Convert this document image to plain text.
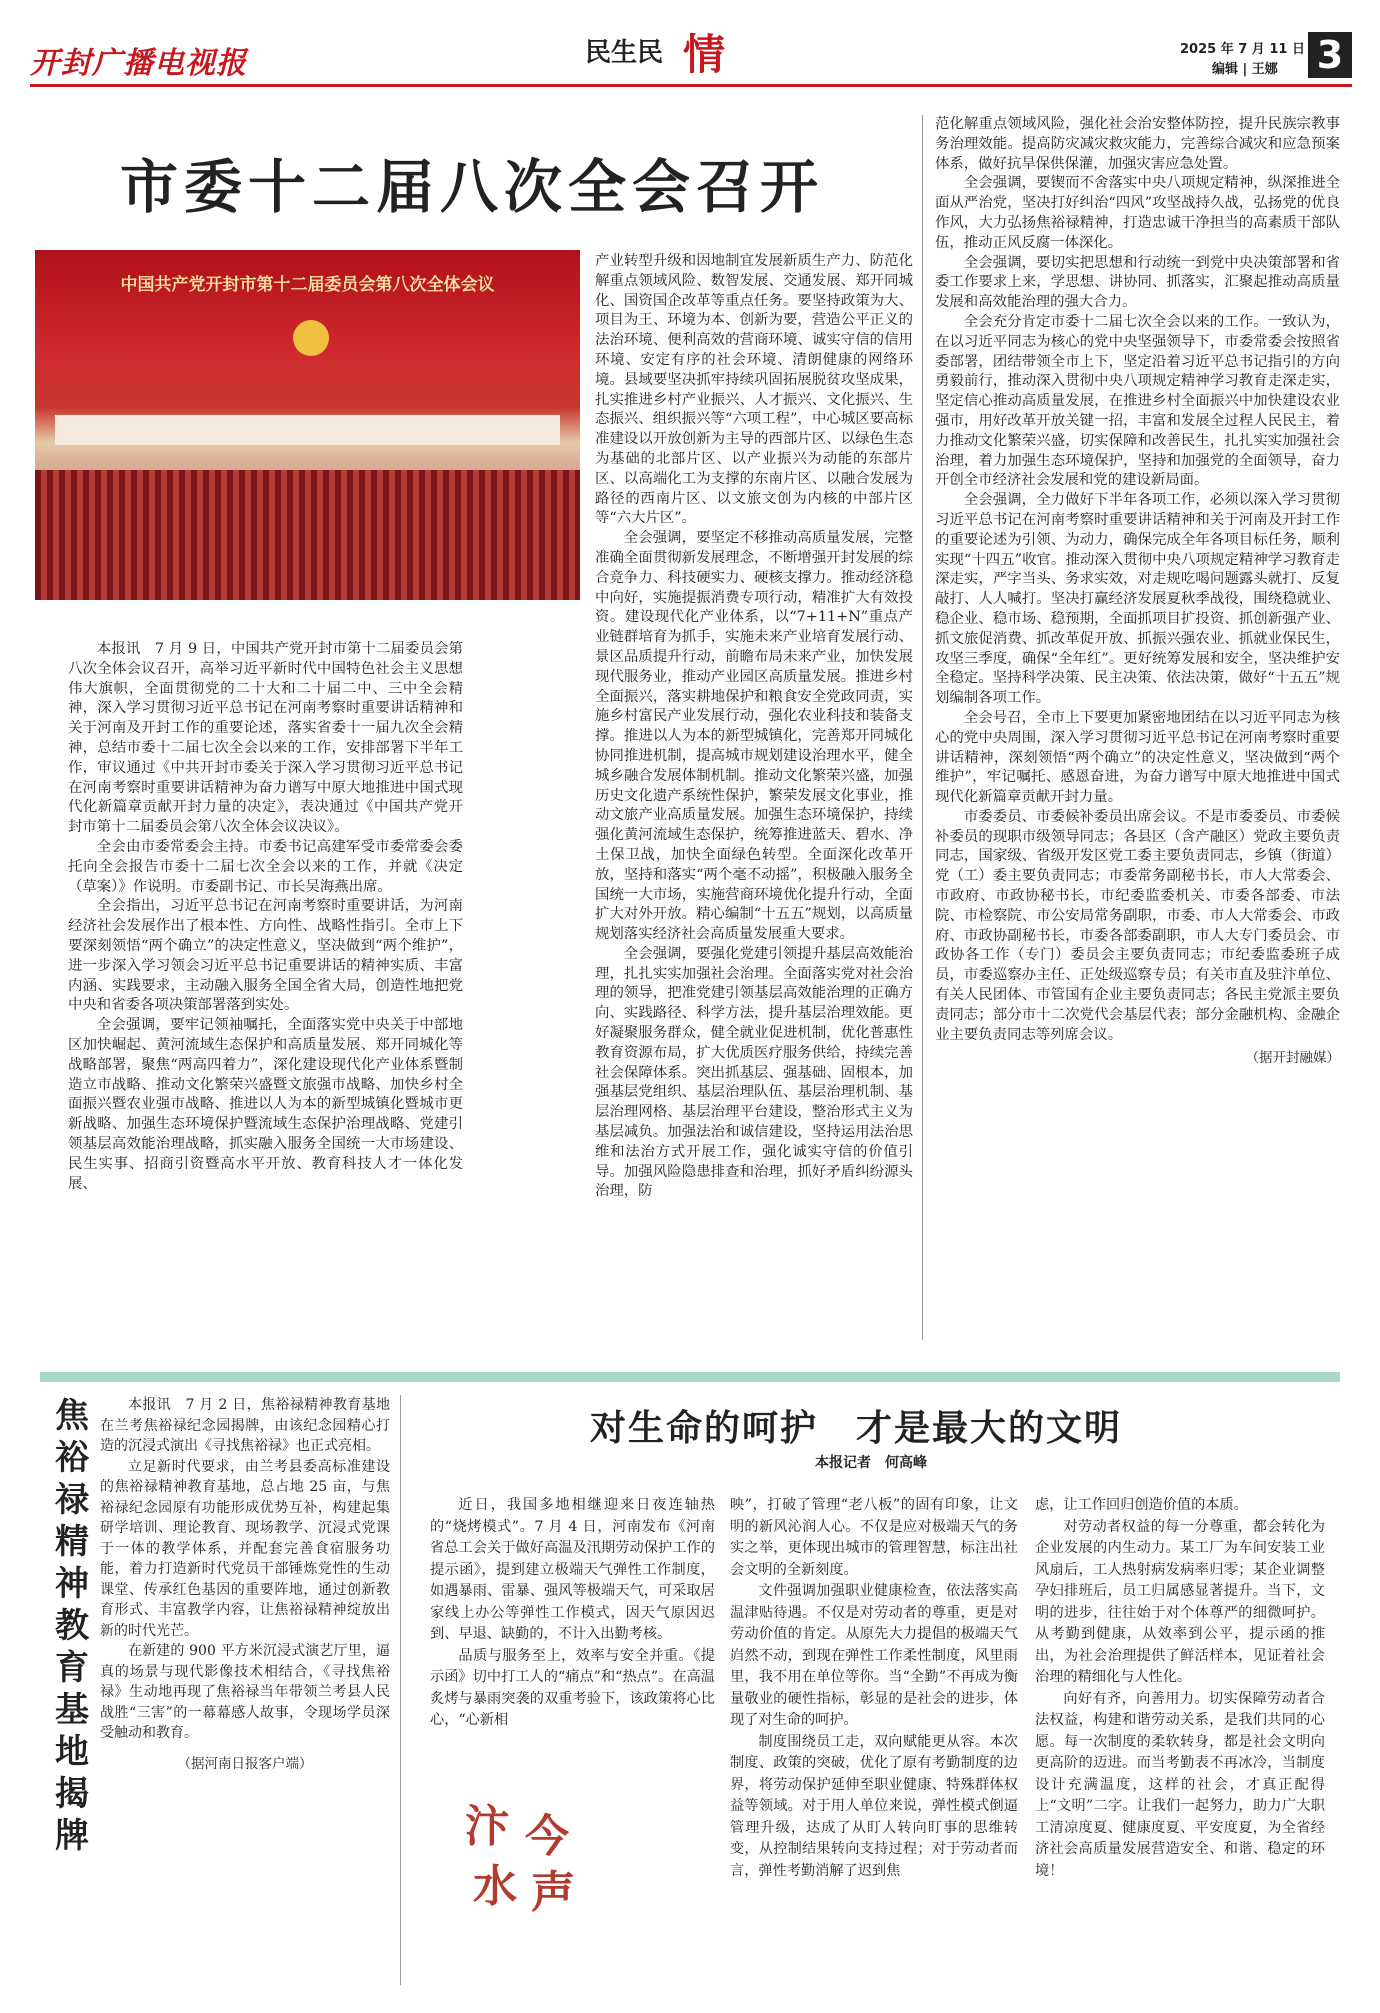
开封广播电视报	民生民 情	2025 年 7 月 11 日
编辑 | 王娜 3
市委十二届八次全会召开
中国共产党开封市第十二届委员会第八次全体会议

本报讯　7 月 9 日，中国共产党开封市第十二届委员会第八次全体会议召开，高举习近平新时代中国特色社会主义思想伟大旗帜，全面贯彻党的二十大和二十届二中、三中全会精神，深入学习贯彻习近平总书记在河南考察时重要讲话精神和关于河南及开封工作的重要论述，落实省委十一届九次全会精神，总结市委十二届七次全会以来的工作，安排部署下半年工作，审议通过《中共开封市委关于深入学习贯彻习近平总书记在河南考察时重要讲话精神为奋力谱写中原大地推进中国式现代化新篇章贡献开封力量的决定》，表决通过《中国共产党开封市第十二届委员会第八次全体会议决议》。

全会由市委常委会主持。市委书记高建军受市委常委会委托向全会报告市委十二届七次全会以来的工作，并就《决定（草案）》作说明。市委副书记、市长吴海燕出席。

全会指出，习近平总书记在河南考察时重要讲话，为河南经济社会发展作出了根本性、方向性、战略性指引。全市上下要深刻领悟“两个确立”的决定性意义，坚决做到“两个维护”，进一步深入学习领会习近平总书记重要讲话的精神实质、丰富内涵、实践要求，主动融入服务全国全省大局，创造性地把党中央和省委各项决策部署落到实处。

全会强调，要牢记领袖嘱托，全面落实党中央关于中部地区加快崛起、黄河流域生态保护和高质量发展、郑开同城化等战略部署，聚焦“两高四着力”，深化建设现代化产业体系暨制造立市战略、推动文化繁荣兴盛暨文旅强市战略、加快乡村全面振兴暨农业强市战略、推进以人为本的新型城镇化暨城市更新战略、加强生态环境保护暨流域生态保护治理战略、党建引领基层高效能治理战略，抓实融入服务全国统一大市场建设、民生实事、招商引资暨高水平开放、教育科技人才一体化发展、

产业转型升级和因地制宜发展新质生产力、防范化解重点领域风险、数智发展、交通发展、郑开同城化、国资国企改革等重点任务。要坚持政策为大、项目为王、环境为本、创新为要，营造公平正义的法治环境、便利高效的营商环境、诚实守信的信用环境、安定有序的社会环境、清朗健康的网络环境。县域要坚决抓牢持续巩固拓展脱贫攻坚成果，扎实推进乡村产业振兴、人才振兴、文化振兴、生态振兴、组织振兴等“六项工程”，中心城区要高标准建设以开放创新为主导的西部片区、以绿色生态为基础的北部片区、以产业振兴为动能的东部片区、以高端化工为支撑的东南片区、以融合发展为路径的西南片区、以文旅文创为内核的中部片区等“六大片区”。

全会强调，要坚定不移推动高质量发展，完整准确全面贯彻新发展理念，不断增强开封发展的综合竞争力、科技硬实力、硬核支撑力。推动经济稳中向好，实施提振消费专项行动，精准扩大有效投资。建设现代化产业体系，以“7+11+N”重点产业链群培育为抓手，实施未来产业培育发展行动、景区品质提升行动，前瞻布局未来产业，加快发展现代服务业，推动产业园区高质量发展。推进乡村全面振兴，落实耕地保护和粮食安全党政同责，实施乡村富民产业发展行动，强化农业科技和装备支撑。推进以人为本的新型城镇化，完善郑开同城化协同推进机制，提高城市规划建设治理水平，健全城乡融合发展体制机制。推动文化繁荣兴盛，加强历史文化遗产系统性保护，繁荣发展文化事业，推动文旅产业高质量发展。加强生态环境保护，持续强化黄河流域生态保护，统筹推进蓝天、碧水、净土保卫战，加快全面绿色转型。全面深化改革开放，坚持和落实“两个毫不动摇”，积极融入服务全国统一大市场，实施营商环境优化提升行动，全面扩大对外开放。精心编制“十五五”规划，以高质量规划落实经济社会高质量发展重大要求。

全会强调，要强化党建引领提升基层高效能治理，扎扎实实加强社会治理。全面落实党对社会治理的领导，把准党建引领基层高效能治理的正确方向、实践路径、科学方法，提升基层治理效能。更好凝聚服务群众，健全就业促进机制，优化普惠性教育资源布局，扩大优质医疗服务供给，持续完善社会保障体系。突出抓基层、强基础、固根本，加强基层党组织、基层治理队伍、基层治理机制、基层治理网格、基层治理平台建设，整治形式主义为基层减负。加强法治和诚信建设，坚持运用法治思维和法治方式开展工作，强化诚实守信的价值引导。加强风险隐患排查和治理，抓好矛盾纠纷源头治理，防

范化解重点领域风险，强化社会治安整体防控，提升民族宗教事务治理效能。提高防灾减灾救灾能力，完善综合减灾和应急预案体系，做好抗旱保供保灌，加强灾害应急处置。

全会强调，要锲而不舍落实中央八项规定精神，纵深推进全面从严治党，坚决打好纠治“四风”攻坚战持久战，弘扬党的优良作风，大力弘扬焦裕禄精神，打造忠诚干净担当的高素质干部队伍，推动正风反腐一体深化。

全会强调，要切实把思想和行动统一到党中央决策部署和省委工作要求上来，学思想、讲协同、抓落实，汇聚起推动高质量发展和高效能治理的强大合力。

全会充分肯定市委十二届七次全会以来的工作。一致认为，在以习近平同志为核心的党中央坚强领导下，市委常委会按照省委部署，团结带领全市上下，坚定沿着习近平总书记指引的方向勇毅前行，推动深入贯彻中央八项规定精神学习教育走深走实，坚定信心推动高质量发展，在推进乡村全面振兴中加快建设农业强市，用好改革开放关键一招，丰富和发展全过程人民民主，着力推动文化繁荣兴盛，切实保障和改善民生，扎扎实实加强社会治理，着力加强生态环境保护，坚持和加强党的全面领导，奋力开创全市经济社会发展和党的建设新局面。

全会强调，全力做好下半年各项工作，必须以深入学习贯彻习近平总书记在河南考察时重要讲话精神和关于河南及开封工作的重要论述为引领、为动力，确保完成全年各项目标任务，顺利实现“十四五”收官。推动深入贯彻中央八项规定精神学习教育走深走实，严字当头、务求实效，对走规吃喝问题露头就打、反复敲打、人人喊打。坚决打赢经济发展夏秋季战役，围绕稳就业、稳企业、稳市场、稳预期，全面抓项目扩投资、抓创新强产业、抓文旅促消费、抓改革促开放、抓振兴强农业、抓就业保民生，攻坚三季度，确保“全年红”。更好统筹发展和安全，坚决维护安全稳定。坚持科学决策、民主决策、依法决策，做好“十五五”规划编制各项工作。

全会号召，全市上下要更加紧密地团结在以习近平同志为核心的党中央周围，深入学习贯彻习近平总书记在河南考察时重要讲话精神，深刻领悟“两个确立”的决定性意义，坚决做到“两个维护”，牢记嘱托、感恩奋进，为奋力谱写中原大地推进中国式现代化新篇章贡献开封力量。

市委委员、市委候补委员出席会议。不是市委委员、市委候补委员的现职市级领导同志；各县区（含产融区）党政主要负责同志，国家级、省级开发区党工委主要负责同志，乡镇（街道）党（工）委主要负责同志；市委常务副秘书长，市人大常委会、市政府、市政协秘书长，市纪委监委机关、市委各部委、市法院、市检察院、市公安局常务副职，市委、市人大常委会、市政府、市政协副秘书长，市委各部委副职，市人大专门委员会、市政协各工作（专门）委员会主要负责同志；市纪委监委班子成员，市委巡察办主任、正处级巡察专员；有关市直及驻汴单位、有关人民团体、市管国有企业主要负责同志；各民主党派主要负责同志；部分市十二次党代会基层代表；部分金融机构、金融企业主要负责同志等列席会议。

（据开封融媒）
焦裕禄精神教育基地揭牌

本报讯　7 月 2 日，焦裕禄精神教育基地在兰考焦裕禄纪念园揭牌，由该纪念园精心打造的沉浸式演出《寻找焦裕禄》也正式亮相。

立足新时代要求，由兰考县委高标准建设的焦裕禄精神教育基地，总占地 25 亩，与焦裕禄纪念园原有功能形成优势互补，构建起集研学培训、理论教育、现场教学、沉浸式党课于一体的教学体系，并配套完善食宿服务功能，着力打造新时代党员干部锤炼党性的生动课堂、传承红色基因的重要阵地，通过创新教育形式、丰富教学内容，让焦裕禄精神绽放出新的时代光芒。

在新建的 900 平方米沉浸式演艺厅里，逼真的场景与现代影像技术相结合，《寻找焦裕禄》生动地再现了焦裕禄当年带领兰考县人民战胜“三害”的一幕幕感人故事，令现场学员深受触动和教育。

（据河南日报客户端）
对生命的呵护　才是最大的文明
本报记者　何高峰

近日，我国多地相继迎来日夜连轴热的“烧烤模式”。7 月 4 日，河南发布《河南省总工会关于做好高温及汛期劳动保护工作的提示函》，提到建立极端天气弹性工作制度，如遇暴雨、雷暴、强风等极端天气，可采取居家线上办公等弹性工作模式，因天气原因迟到、早退、缺勤的，不计入出勤考核。

品质与服务至上，效率与安全并重。《提示函》切中打工人的“痛点”和“热点”。在高温炙烤与暴雨突袭的双重考验下，该政策将心比心，“心新相

汴 今
水 声

映”，打破了管理“老八板”的固有印象，让文明的新风沁润人心。不仅是应对极端天气的务实之举，更体现出城市的管理智慧，标注出社会文明的全新刻度。

文件强调加强职业健康检查，依法落实高温津贴待遇。不仅是对劳动者的尊重，更是对劳动价值的肯定。从原先大力提倡的极端天气岿然不动，到现在弹性工作柔性制度，风里雨里，我不用在单位等你。当“全勤”不再成为衡量敬业的硬性指标，彰显的是社会的进步，体现了对生命的呵护。

制度围绕员工走，双向赋能更从容。本次制度、政策的突破，优化了原有考勤制度的边界，将劳动保护延伸至职业健康、特殊群体权益等领域。对于用人单位来说，弹性模式倒逼管理升级，达成了从盯人转向盯事的思维转变，从控制结果转向支持过程；对于劳动者而言，弹性考勤消解了迟到焦

虑，让工作回归创造价值的本质。

对劳动者权益的每一分尊重，都会转化为企业发展的内生动力。某工厂为车间安装工业风扇后，工人热射病发病率归零；某企业调整孕妇排班后，员工归属感显著提升。当下，文明的进步，往往始于对个体尊严的细微呵护。从考勤到健康，从效率到公平，提示函的推出，为社会治理提供了鲜活样本，见证着社会治理的精细化与人性化。

向好有齐，向善用力。切实保障劳动者合法权益，构建和谐劳动关系，是我们共同的心愿。每一次制度的柔软转身，都是社会文明向更高阶的迈进。而当考勤表不再冰冷，当制度设计充满温度，这样的社会，才真正配得上“文明”二字。让我们一起努力，助力广大职工清凉度夏、健康度夏、平安度夏，为全省经济社会高质量发展营造安全、和谐、稳定的环境！
